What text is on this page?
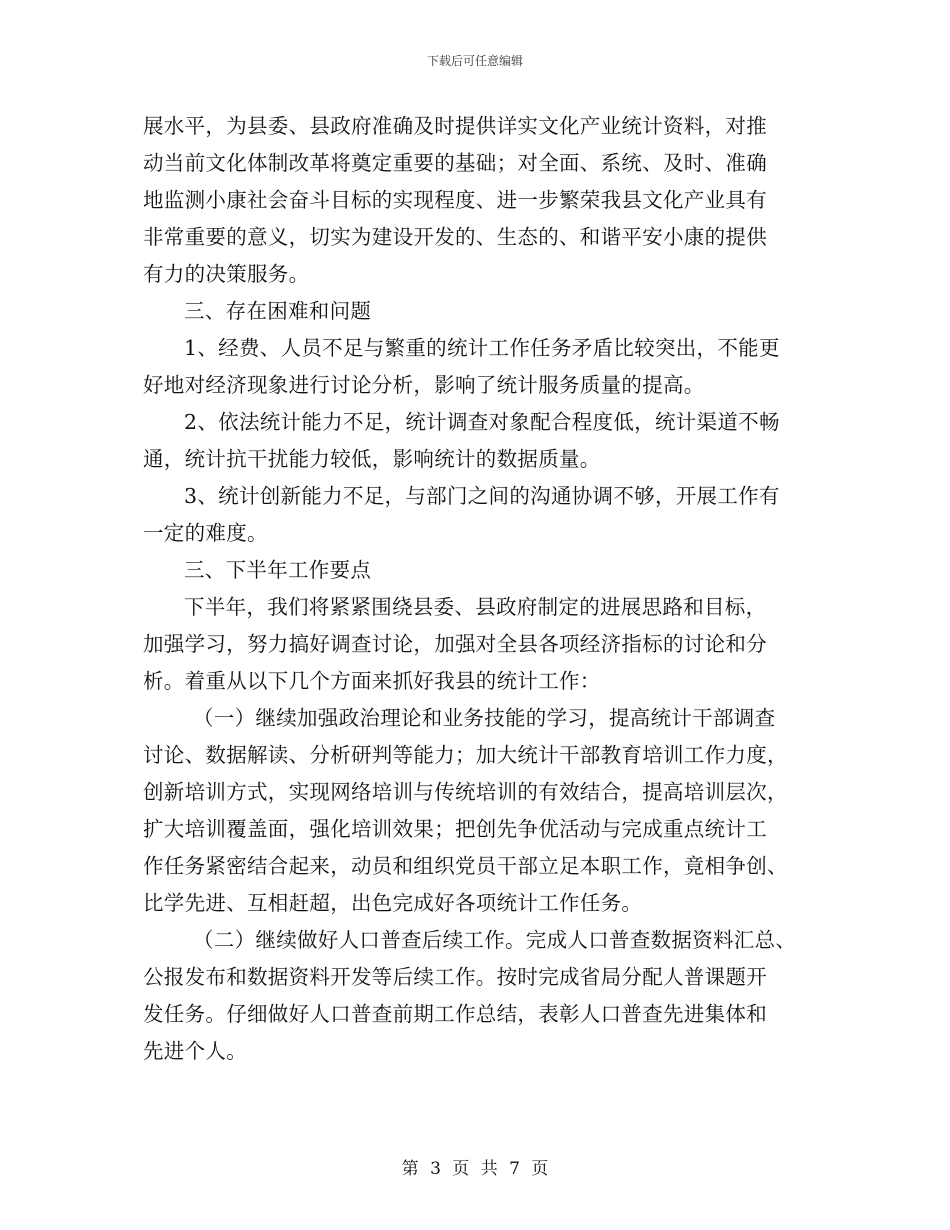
下载后可任意编辑
展水平，为县委、县政府准确及时提供详实文化产业统计资料，对推
动当前文化体制改革将奠定重要的基础；对全面、系统、及时、准确
地监测小康社会奋斗目标的实现程度、进一步繁荣我县文化产业具有
非常重要的意义，切实为建设开发的、生态的、和谐平安小康的提供
有力的决策服务。
三、存在困难和问题
1、经费、人员不足与繁重的统计工作任务矛盾比较突出，不能更
好地对经济现象进行讨论分析，影响了统计服务质量的提高。
2、依法统计能力不足，统计调查对象配合程度低，统计渠道不畅
通，统计抗干扰能力较低，影响统计的数据质量。
3、统计创新能力不足，与部门之间的沟通协调不够，开展工作有
一定的难度。
三、下半年工作要点
下半年，我们将紧紧围绕县委、县政府制定的进展思路和目标，
加强学习，努力搞好调查讨论，加强对全县各项经济指标的讨论和分
析。着重从以下几个方面来抓好我县的统计工作：
（一）继续加强政治理论和业务技能的学习，提高统计干部调查
讨论、数据解读、分析研判等能力；加大统计干部教育培训工作力度，
创新培训方式，实现网络培训与传统培训的有效结合，提高培训层次，
扩大培训覆盖面，强化培训效果；把创先争优活动与完成重点统计工
作任务紧密结合起来，动员和组织党员干部立足本职工作，竟相争创、
比学先进、互相赶超，出色完成好各项统计工作任务。
（二）继续做好人口普查后续工作。完成人口普查数据资料汇总、
公报发布和数据资料开发等后续工作。按时完成省局分配人普课题开
发任务。仔细做好人口普查前期工作总结，表彰人口普查先进集体和
先进个人。
第 3 页 共 7 页
